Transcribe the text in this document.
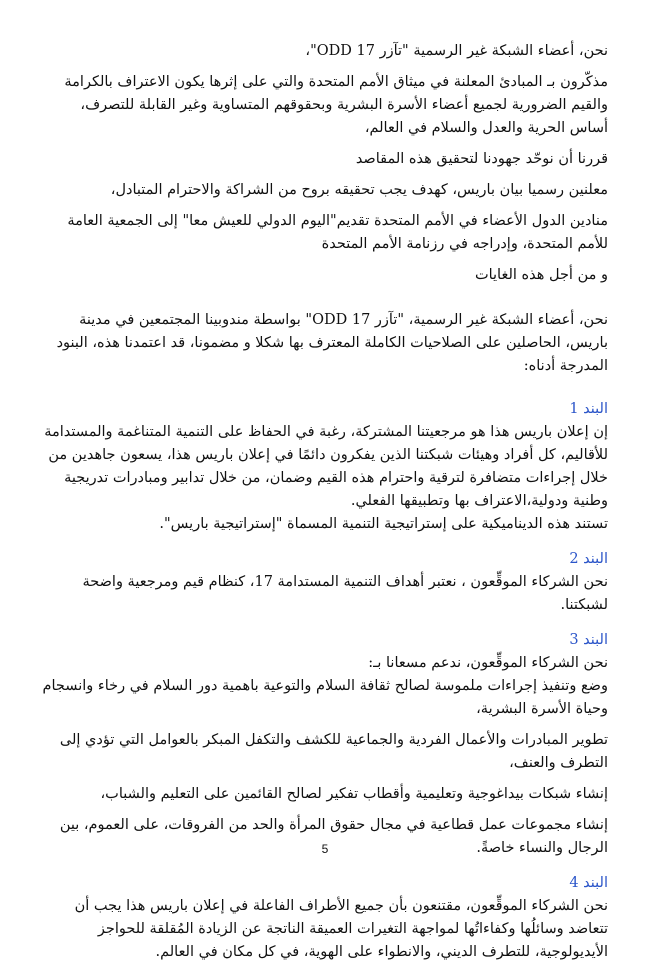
نحن، أعضاء الشبكة غير الرسمية "تآزر 17 ODD"،

مذكّرون بـ المبادئ المعلنة في ميثاق الأمم المتحدة والتي على إثرها يكون الاعتراف بالكرامة والقيم الضرورية لجميع أعضاء الأسرة البشرية وبحقوقهم المتساوية وغير القابلة للتصرف، أساس الحرية والعدل والسلام في العالم،

قررنا أن نوحّد جهودنا لتحقيق هذه المقاصد

معلنين رسميا بيان باريس، كهدف يجب تحقيقه بروح من الشراكة والاحترام المتبادل،

منادين الدول الأعضاء في الأمم المتحدة تقديم"اليوم الدولي للعيش معا" إلى الجمعية العامة للأمم المتحدة، وإدراجه في رزنامة الأمم المتحدة

و من أجل هذه الغايات

نحن، أعضاء الشبكة غير الرسمية، "تآزر 17 ODD" بواسطة مندوبينا المجتمعين في مدينة باريس، الحاصلين على الصلاحيات الكاملة المعترف بها شكلا و مضمونا، قد اعتمدنا هذه، البنود المدرجة أدناه:

البند 1

إن إعلان باريس هذا هو مرجعيتنا المشتركة، رغبة في الحفاظ على التنمية المتناغمة والمستدامة للأقاليم، كل أفراد وهيئات شبكتنا الذين يفكرون دائمًا في إعلان باريس هذا، يسعون جاهدين من خلال إجراءات متضافرة لترقية واحترام هذه القيم وضمان، من خلال تدابير ومبادرات تدريجية وطنية ودولية،الاعتراف بها وتطبيقها الفعلي.

تستند هذه الديناميكية على إستراتيجية التنمية المسماة "إستراتيجية باريس".

البند 2

نحن الشركاء الموقِّعون ، نعتبر أهداف التنمية المستدامة 17، كنظام قيم ومرجعية واضحة لشبكتنا.

البند 3

نحن الشركاء الموقِّعون، ندعم مسعانا بـ:

وضع وتنفيذ إجراءات ملموسة لصالح ثقافة السلام والتوعية باهمية دور السلام في رخاء وانسجام وحياة الأسرة البشرية،

تطوير المبادرات والأعمال الفردية والجماعية للكشف والتكفل المبكر بالعوامل التي تؤدي إلى التطرف والعنف،

إنشاء شبكات بيداغوجية وتعليمية وأقطاب تفكير لصالح القائمين على التعليم والشباب،

إنشاء مجموعات عمل قطاعية في مجال حقوق المرأة والحد من الفروقات، على العموم، بين الرجال والنساء خاصةً.

البند 4

نحن الشركاء الموقِّعون، مقتنعون بأن جميع الأطراف الفاعلة في إعلان باريس هذا يجب أن تتعاضد وسائلُها وكفاءاتُها لمواجهة التغيرات العميقة الناتجة عن الزيادة المُقلقة للحواجز الأيديولوجية، للتطرف الديني، والانطواء على الهوية، في كل مكان في العالم.

5
